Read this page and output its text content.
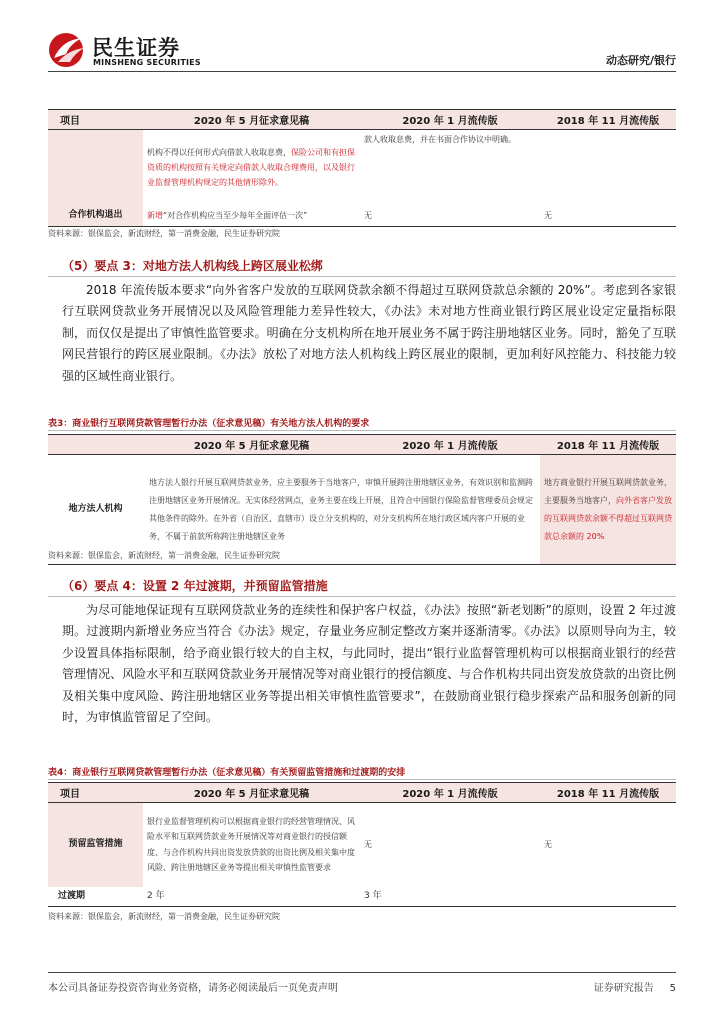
民生证券
MINSHENG SECURITIES	动态研究/银行
项目	2020 年 5 月征求意见稿	2020 年 1 月流传版	2018 年 11 月流传版
	机构不得以任何形式向借款人收取息费，保险公司和有担保资质的机构按照有关规定向借款人收取合理费用，以及银行业监督管理机构规定的其他情形除外。	款人收取息费，并在书面合作协议中明确。	
合作机构退出	新增“对合作机构应当至少每年全面评估一次”	无	无
资料来源：银保监会，新流财经，第一消费金融，民生证券研究院
（5）要点 3：对地方法人机构线上跨区展业松绑
2018 年流传版本要求“向外省客户发放的互联网贷款余额不得超过互联网贷款总余额的 20%”。考虑到各家银行互联网贷款业务开展情况以及风险管理能力差异性较大，《办法》未对地方性商业银行跨区展业设定定量指标限制，而仅仅是提出了审慎性监管要求。明确在分支机构所在地开展业务不属于跨注册地辖区业务。同时，豁免了互联网民营银行的跨区展业限制。《办法》放松了对地方法人机构线上跨区展业的限制，更加利好风控能力、科技能力较强的区域性商业银行。
表3：商业银行互联网贷款管理暂行办法（征求意见稿）有关地方法人机构的要求
	2020 年 5 月征求意见稿	2020 年 1 月流传版	2018 年 11 月流传版
地方法人机构	地方法人银行开展互联网贷款业务，应主要服务于当地客户，审慎开展跨注册地辖区业务，有效识别和监测跨注册地辖区业务开展情况。无实体经营网点，业务主要在线上开展，且符合中国银行保险监督管理委员会规定其他条件的除外。在外省（自治区、直辖市）设立分支机构的，对分支机构所在地行政区域内客户开展的业务，不属于前款所称跨注册地辖区业务		地方商业银行开展互联网贷款业务，主要服务当地客户，向外省客户发放的互联网贷款余额不得超过互联网贷款总余额的 20%
资料来源：银保监会，新流财经，第一消费金融，民生证券研究院
（6）要点 4：设置 2 年过渡期，并预留监管措施
为尽可能地保证现有互联网贷款业务的连续性和保护客户权益，《办法》按照“新老划断”的原则，设置 2 年过渡期。过渡期内新增业务应当符合《办法》规定，存量业务应制定整改方案并逐渐清零。《办法》以原则导向为主，较少设置具体指标限制，给予商业银行较大的自主权，与此同时，提出“银行业监督管理机构可以根据商业银行的经营管理情况、风险水平和互联网贷款业务开展情况等对商业银行的授信额度、与合作机构共同出资发放贷款的出资比例及相关集中度风险、跨注册地辖区业务等提出相关审慎性监管要求”，在鼓励商业银行稳步探索产品和服务创新的同时，为审慎监管留足了空间。
表4：商业银行互联网贷款管理暂行办法（征求意见稿）有关预留监管措施和过渡期的安排
项目	2020 年 5 月征求意见稿	2020 年 1 月流传版	2018 年 11 月流传版
预留监管措施	银行业监督管理机构可以根据商业银行的经营管理情况、风险水平和互联网贷款业务开展情况等对商业银行的授信额度、与合作机构共同出资发放贷款的出资比例及相关集中度风险、跨注册地辖区业务等提出相关审慎性监管要求	无	无
过渡期	2 年	3 年	
资料来源：银保监会，新流财经，第一消费金融，民生证券研究院
本公司具备证券投资咨询业务资格，请务必阅读最后一页免责声明	证券研究报告 5
